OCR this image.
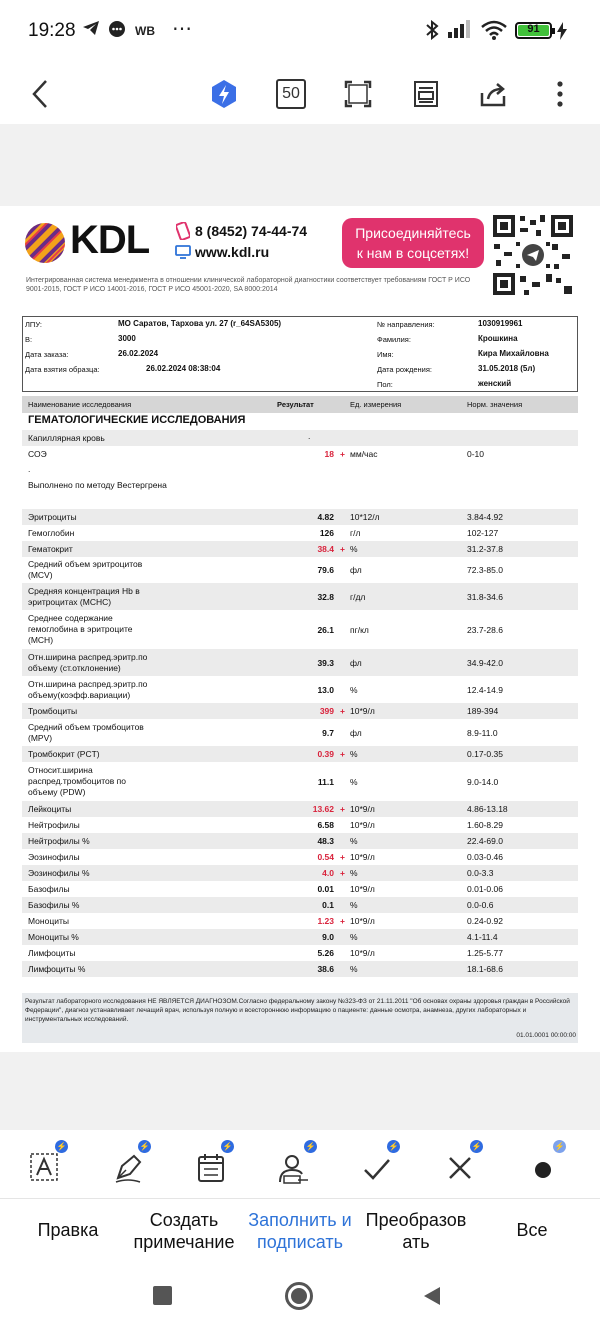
19:28	WB ⋯	91
50
KDL	8 (8452) 74-44-74
www.kdl.ru
Присоединяйтесь
к нам в соцсетях!
Интегрированная система менеджмента в отношении клинической лабораторной диагностики соответствует требованиям ГОСТ Р ИСО 9001-2015, ГОСТ Р ИСО 14001-2016, ГОСТ Р ИСО 45001-2020, SA 8000:2014
ЛПУ:	МО Саратов, Тархова ул. 27 (r_64SA5305)
В:	3000
Дата заказа:	26.02.2024
Дата взятия образца:	26.02.2024 08:38:04
№ направления:	1030919961
Фамилия:	Крошкина
Имя:	Кира Михайловна
Дата рождения:	31.05.2018 (5л)
Пол:	женский
Наименование исследования	Результат	Ед. измерения	Норм. значения
ГЕМАТОЛОГИЧЕСКИЕ ИССЛЕДОВАНИЯ
Капиллярная кровь	.
СОЭ	18 + мм/час	0-10
.
Выполнено по методу Вестергрена
Эритроциты	4.82 10*12/л	3.84-4.92
Гемоглобин	126 г/л	102-127
Гематокрит	38.4 + %	31.2-37.8
Средний объем эритроцитов
(MCV)	79.6 фл	72.3-85.0
Средняя концентрация Hb в
эритроцитах (MCHC)	32.8 г/дл	31.8-34.6
Среднее содержание
гемоглобина в эритроците
(MCH)
26.1 пг/кл	23.7-28.6
Отн.ширина распред.эритр.по
объему (ст.отклонение)	39.3 фл	34.9-42.0
Отн.ширина распред.эритр.по
объему(коэфф.вариации)	13.0 %	12.4-14.9
Тромбоциты	399 + 10*9/л	189-394
Средний объем тромбоцитов
(MPV)	9.7 фл	8.9-11.0
Тромбокрит (PCT)	0.39 + %	0.17-0.35
Относит.ширина
распред.тромбоцитов по
объему (PDW)
11.1 %	9.0-14.0
Лейкоциты	13.62 + 10*9/л	4.86-13.18
Нейтрофилы	6.58 10*9/л	1.60-8.29
Нейтрофилы %	48.3 %	22.4-69.0
Эозинофилы	0.54 + 10*9/л	0.03-0.46
Эозинофилы %	4.0 + %	0.0-3.3
Базофилы	0.01 10*9/л	0.01-0.06
Базофилы %	0.1 %	0.0-0.6
Моноциты	1.23 + 10*9/л	0.24-0.92
Моноциты %	9.0 %	4.1-11.4
Лимфоциты	5.26 10*9/л	1.25-5.77
Лимфоциты %	38.6 %	18.1-68.6
Результат лабораторного исследования НЕ ЯВЛЯЕТСЯ ДИАГНОЗОМ.Согласно федеральному закону №323-ФЗ от 21.11.2011 "Об основах охраны здоровья граждан в Российской Федерации", диагноз устанавливает лечащий врач, используя полную и всестороннюю информацию о пациенте: данные осмотра, анамнеза, других лабораторных и инструментальных исследований.
01.01.0001 00:00:00
⚡	⚡	⚡	⚡	⚡	⚡	⚡
Правка	Создать
примечание
Заполнить и
подписать
Преобразов
ать
Все
